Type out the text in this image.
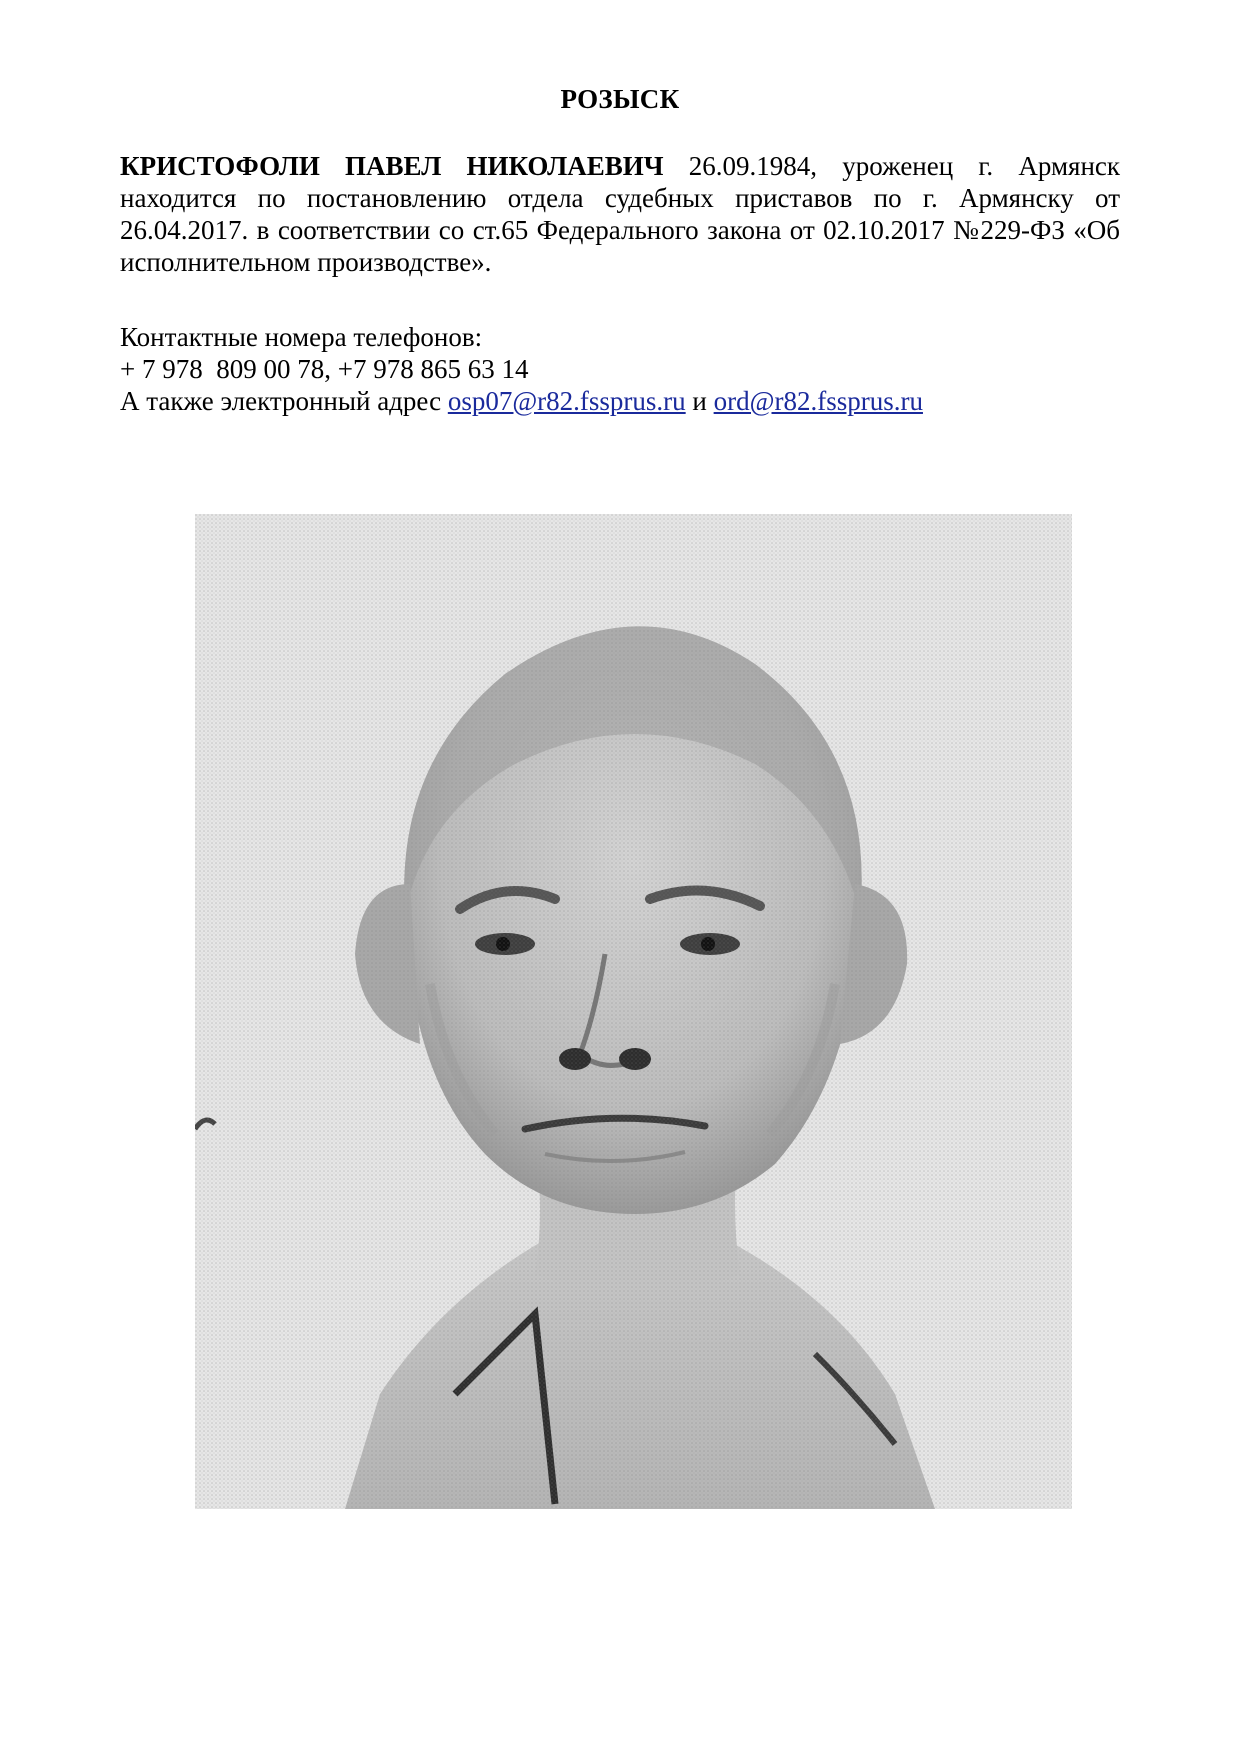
РОЗЫСК

КРИСТОФОЛИ ПАВЕЛ НИКОЛАЕВИЧ 26.09.1984, уроженец г. Армянск находится по постановлению отдела судебных приставов по г. Армянску от 26.04.2017. в соответствии со ст.65 Федерального закона от 02.10.2017 №229-ФЗ «Об исполнительном производстве».

Контактные номера телефонов:
+ 7 978  809 00 78, +7 978 865 63 14
А также электронный адрес osp07@r82.fssprus.ru и ord@r82.fssprus.ru
